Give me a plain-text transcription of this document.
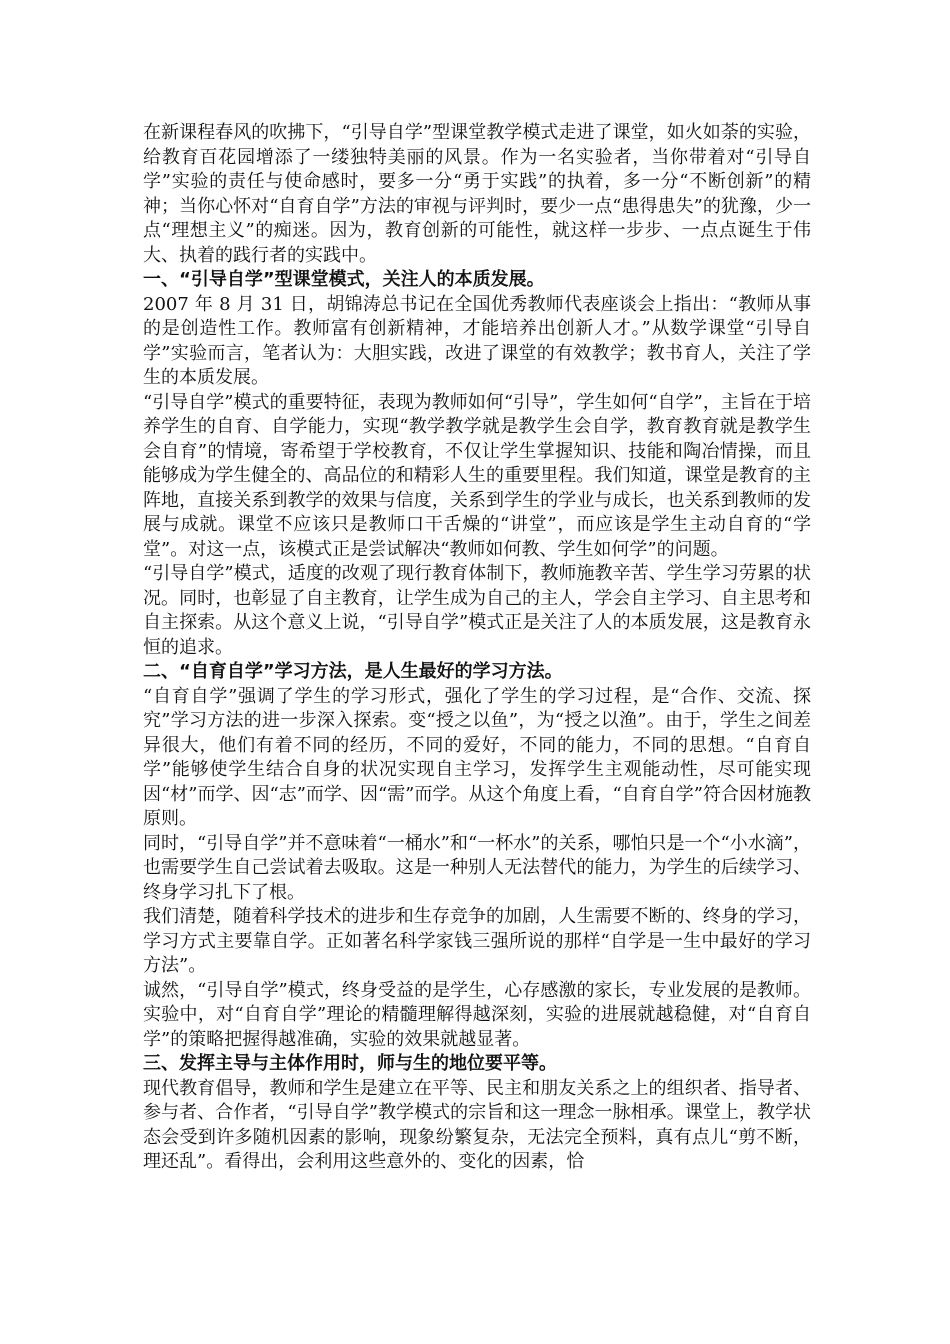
在新课程春风的吹拂下，“引导自学”型课堂教学模式走进了课堂，如火如荼的实验，给教育百花园增添了一缕独特美丽的风景。作为一名实验者，当你带着对“引导自学”实验的责任与使命感时，要多一分“勇于实践”的执着，多一分“不断创新”的精神；当你心怀对“自育自学”方法的审视与评判时，要少一点“患得患失”的犹豫，少一点“理想主义”的痴迷。因为，教育创新的可能性，就这样一步步、一点点诞生于伟大、执着的践行者的实践中。

一、“引导自学”型课堂模式，关注人的本质发展。

2007 年 8 月 31 日，胡锦涛总书记在全国优秀教师代表座谈会上指出：“教师从事的是创造性工作。教师富有创新精神，才能培养出创新人才。”从数学课堂“引导自学”实验而言，笔者认为：大胆实践，改进了课堂的有效教学；教书育人，关注了学生的本质发展。

“引导自学”模式的重要特征，表现为教师如何“引导”，学生如何“自学”，主旨在于培养学生的自育、自学能力，实现“教学教学就是教学生会自学，教育教育就是教学生会自育”的情境，寄希望于学校教育，不仅让学生掌握知识、技能和陶冶情操，而且能够成为学生健全的、高品位的和精彩人生的重要里程。我们知道，课堂是教育的主阵地，直接关系到教学的效果与信度，关系到学生的学业与成长，也关系到教师的发展与成就。课堂不应该只是教师口干舌燥的“讲堂”，而应该是学生主动自育的“学堂”。对这一点，该模式正是尝试解决“教师如何教、学生如何学”的问题。

“引导自学”模式，适度的改观了现行教育体制下，教师施教辛苦、学生学习劳累的状况。同时，也彰显了自主教育，让学生成为自己的主人，学会自主学习、自主思考和自主探索。从这个意义上说，“引导自学”模式正是关注了人的本质发展，这是教育永恒的追求。

二、“自育自学”学习方法，是人生最好的学习方法。

“自育自学”强调了学生的学习形式，强化了学生的学习过程，是“合作、交流、探究”学习方法的进一步深入探索。变“授之以鱼”，为“授之以渔”。由于，学生之间差异很大，他们有着不同的经历，不同的爱好，不同的能力，不同的思想。“自育自学”能够使学生结合自身的状况实现自主学习，发挥学生主观能动性，尽可能实现因“材”而学、因“志”而学、因“需”而学。从这个角度上看，“自育自学”符合因材施教原则。

同时，“引导自学”并不意味着“一桶水”和“一杯水”的关系，哪怕只是一个“小水滴”，也需要学生自己尝试着去吸取。这是一种别人无法替代的能力，为学生的后续学习、终身学习扎下了根。

我们清楚，随着科学技术的进步和生存竞争的加剧，人生需要不断的、终身的学习，学习方式主要靠自学。正如著名科学家钱三强所说的那样“自学是一生中最好的学习方法”。

诚然，“引导自学”模式，终身受益的是学生，心存感激的家长，专业发展的是教师。实验中，对“自育自学”理论的精髓理解得越深刻，实验的进展就越稳健，对“自育自学”的策略把握得越准确，实验的效果就越显著。

三、发挥主导与主体作用时，师与生的地位要平等。

现代教育倡导，教师和学生是建立在平等、民主和朋友关系之上的组织者、指导者、参与者、合作者，“引导自学”教学模式的宗旨和这一理念一脉相承。课堂上，教学状态会受到许多随机因素的影响，现象纷繁复杂，无法完全预料，真有点儿“剪不断，理还乱”。看得出，会利用这些意外的、变化的因素，恰
